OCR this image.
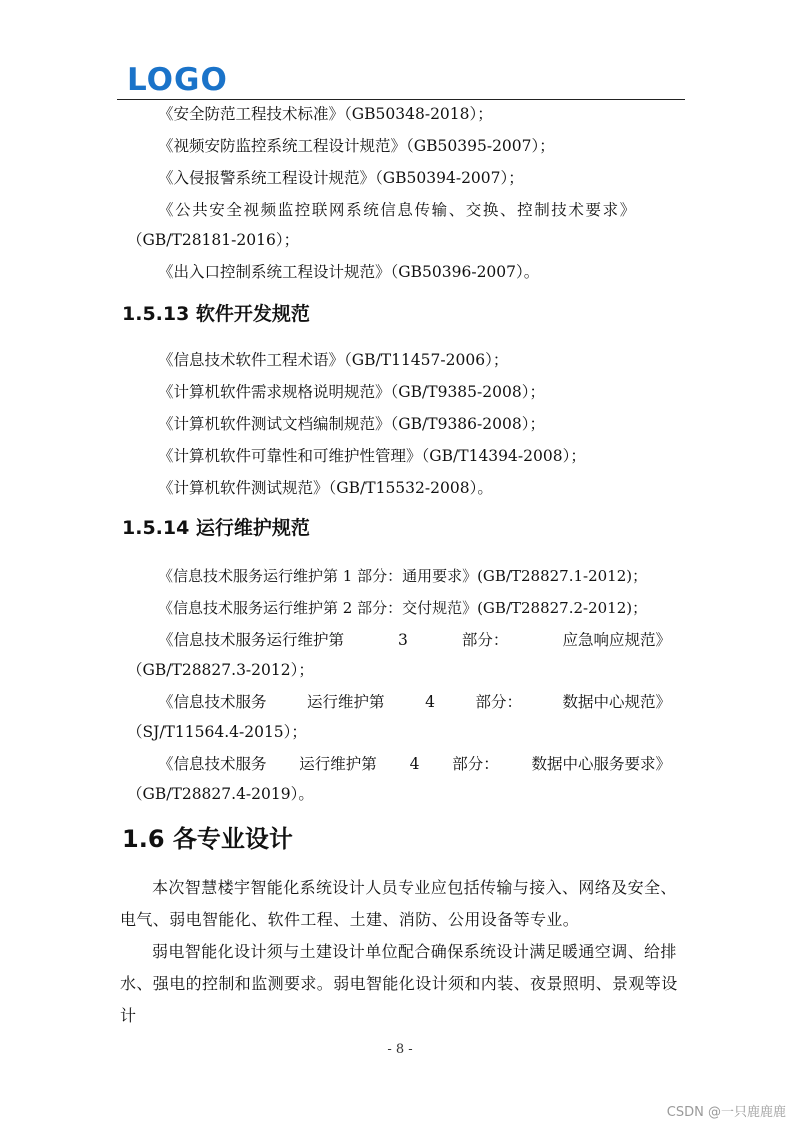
LOGO
《安全防范工程技术标准》（GB50348-2018）；
《视频安防监控系统工程设计规范》（GB50395-2007）；
《入侵报警系统工程设计规范》（GB50394-2007）；
《公共安全视频监控联网系统信息传输、交换、控制技术要求》
（GB/T28181-2016）；
《出入口控制系统工程设计规范》（GB50396-2007）。
1.5.13 软件开发规范
《信息技术软件工程术语》（GB/T11457-2006）；
《计算机软件需求规格说明规范》（GB/T9385-2008）；
《计算机软件测试文档编制规范》（GB/T9386-2008）；
《计算机软件可靠性和可维护性管理》（GB/T14394-2008）；
《计算机软件测试规范》（GB/T15532-2008）。
1.5.14 运行维护规范
《信息技术服务运行维护第 1 部分：通用要求》(GB/T28827.1-2012)；
《信息技术服务运行维护第 2 部分：交付规范》(GB/T28827.2-2012)；
《信息技术服务运行维护第	3	部分：	应急响应规范》
（GB/T28827.3-2012）；
《信息技术服务	运行维护第	4	部分：	数据中心规范》
（SJ/T11564.4-2015）；
《信息技术服务 运行维护第 4 部分： 数据中心服务要求》
（GB/T28827.4-2019）。
1.6 各专业设计
本次智慧楼宇智能化系统设计人员专业应包括传输与接入、网络及安全、电气、弱电智能化、软件工程、土建、消防、公用设备等专业。
弱电智能化设计须与土建设计单位配合确保系统设计满足暖通空调、给排水、强电的控制和监测要求。弱电智能化设计须和内装、夜景照明、景观等设计
- 8 -
CSDN @一只鹿鹿鹿
